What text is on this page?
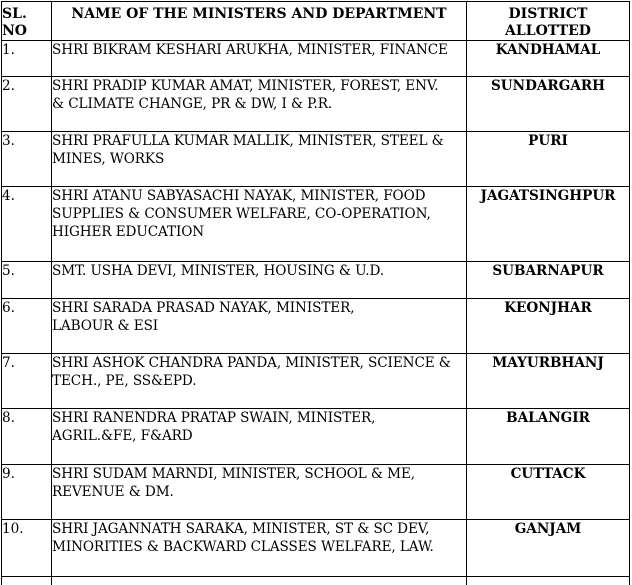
SL.
NO	NAME OF THE MINISTERS AND DEPARTMENT	DISTRICT
ALLOTTED

1.	SHRI BIKRAM KESHARI ARUKHA, MINISTER, FINANCE	KANDHAMAL
2.	SHRI PRADIP KUMAR AMAT, MINISTER, FOREST, ENV.
& CLIMATE CHANGE, PR & DW, I & P.R.	SUNDARGARH
3.	SHRI PRAFULLA KUMAR MALLIK, MINISTER, STEEL &
MINES, WORKS	PURI
4.	SHRI ATANU SABYASACHI NAYAK, MINISTER, FOOD
SUPPLIES & CONSUMER WELFARE, CO-OPERATION,
HIGHER EDUCATION	JAGATSINGHPUR
5.	SMT. USHA DEVI, MINISTER, HOUSING & U.D.	SUBARNAPUR
6.	SHRI SARADA PRASAD NAYAK, MINISTER,
LABOUR & ESI	KEONJHAR
7.	SHRI ASHOK CHANDRA PANDA, MINISTER, SCIENCE &
TECH., PE, SS&EPD.	MAYURBHANJ
8.	SHRI RANENDRA PRATAP SWAIN, MINISTER,
AGRIL.&FE, F&ARD	BALANGIR
9.	SHRI SUDAM MARNDI, MINISTER, SCHOOL & ME,
REVENUE & DM.	CUTTACK
10.	SHRI JAGANNATH SARAKA, MINISTER, ST & SC DEV,
MINORITIES & BACKWARD CLASSES WELFARE, LAW.	GANJAM
